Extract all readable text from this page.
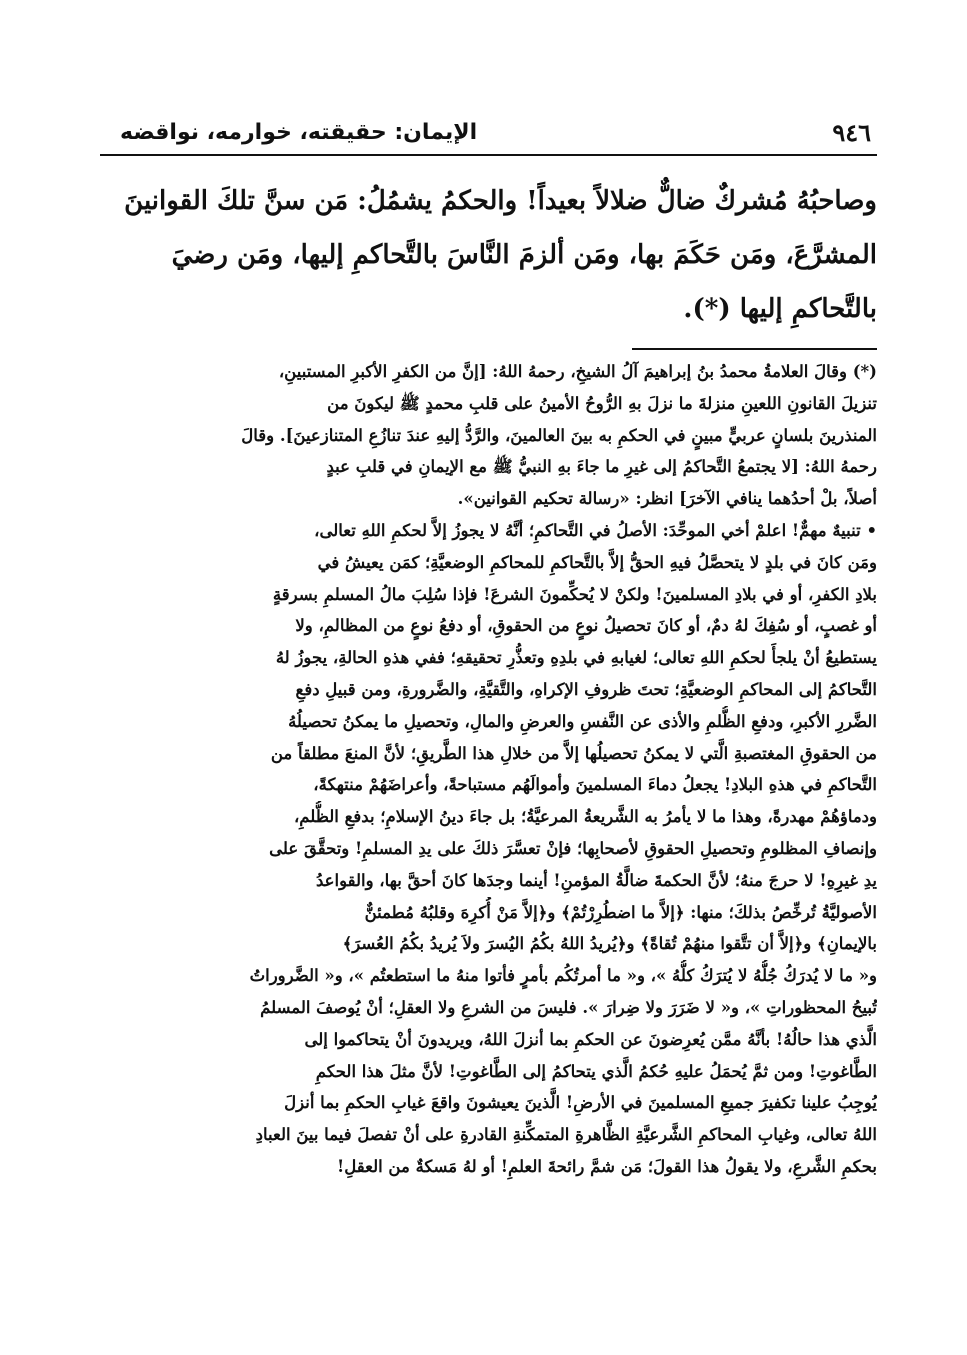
٩٤٦
الإيمان: حقيقته، خوارمه، نواقضه
وصاحبُهُ مُشركٌ ضالٌّ ضلالاً بعيداً! والحكمُ يشمُلُ: مَن سنَّ تلكَ القوانينَ
المشرَّعَ، ومَن حَكَمَ بها، ومَن ألزمَ النَّاسَ بالتَّحاكمِ إليها، ومَن رضيَ
بالتَّحاكمِ إليها (*).
(*) وقالَ العلامةُ محمدُ بنُ إبراهيمَ آلُ الشيخِ، رحمهُ اللهُ: [إنَّ من الكفرِ الأكبرِ المستبينِ،
تنزيلَ القانونِ اللعينِ منزلةَ ما نزلَ بهِ الرُّوحُ الأمينُ على قلبِ محمدٍ ﷺ ليكونَ من
المنذرينَ بلسانٍ عربيٍّ مبينٍ في الحكمِ به بينَ العالمينَ، والرَّدُّ إليهِ عندَ تنازُعِ المتنازعينَ]. وقالَ
رحمهُ اللهُ: [لا يجتمعُ التَّحاكمُ إلى غيرِ ما جاءَ بهِ النبيُّ ﷺ مع الإيمانِ في قلبِ عبدٍ
أصلاً، بلْ أحدُهما ينافي الآخرَ] انظر: «رسالة تحكيم القوانين».
• تنبيهٌ مهمٌّ! اعلمْ أخي الموحِّدَ: الأصلُ في التَّحاكمِ؛ أنَّهُ لا يجوزُ إلاَّ لحكمِ اللهِ تعالى،
ومَن كانَ في بلدٍ لا يتحصَّلُ فيهِ الحقُّ إلاَّ بالتَّحاكمِ للمحاكمِ الوضعيَّةِ؛ كمَن يعيشُ في
بلادِ الكفرِ، أو في بلادِ المسلمينَ! ولكنْ لا يُحكِّمونَ الشرعَ! فإذا سُلِبَ مالُ المسلمِ بسرقةٍ
أو غصبٍ، أو سُفِكَ لهُ دمٌ، أو كانَ تحصيلُ نوعٍ من الحقوقِ، أو دفعُ نوعٍ من المظالمِ، ولا
يستطيعُ أنْ يلجأَ لحكمِ اللهِ تعالى؛ لغيابهِ في بلدِهِ وتعذُّرِ تحقيقهِ؛ ففي هذهِ الحالةِ، يجوزُ لهُ
التَّحاكمُ إلى المحاكمِ الوضعيَّةِ؛ تحتَ ظروفِ الإكراهِ، والتَّقيَّةِ، والضَّرورةِ، ومن قبيلِ دفعِ
الضَّررِ الأكبرِ، ودفعِ الظُّلمِ والأذى عن النَّفسِ والعرضِ والمالِ، وتحصيلِ ما يمكنُ تحصيلُهُ
من الحقوقِ المغتصبةِ الَّتي لا يمكنُ تحصيلُها إلاَّ من خلالِ هذا الطَّريقِ؛ لأنَّ المنعَ مطلقاً من
التَّحاكمِ في هذهِ البلادِ! يجعلُ دماءَ المسلمينَ وأموالَهُم مستباحةً، وأعراضَهُمْ منتهكةً،
ودماؤهُمْ مهدرةً، وهذا ما لا يأمرُ به الشَّريعةُ المرعيَّةُ؛ بل جاءَ دينُ الإسلامِ؛ بدفعِ الظُّلمِ،
وإنصافِ المظلومِ وتحصيلِ الحقوقِ لأصحابِها؛ فإنْ تعسَّرَ ذلكَ على يدِ المسلمِ! وتحقَّقَ على
يدِ غيرِهِ! لا حرجَ منهُ؛ لأنَّ الحكمةَ ضالَّةُ المؤمنِ! أينما وجدَها كانَ أحقَّ بها، والقواعدُ
الأصوليَّةُ تُرخِّصُ بذلكَ؛ منها: ﴿إلاَّ ما اضطُرِرْتُمْ﴾ و﴿إلاَّ مَنْ أُكرِهَ وقلبُهُ مُطمئنٌّ
بالإيمانِ﴾ و﴿إلاَّ أن تتَّقوا منهُمْ تُقاةً﴾ و﴿يُريدُ اللهُ بكُمُ اليُسرَ ولاَ يُريدُ بكُمُ العُسرَ﴾
و« ما لا يُدرَكُ جُلُّهُ لا يُترَكُ كلُّهُ »، و« ما أمرتُكُم بأمرٍ فأتوا منهُ ما استطعتُم »، و« الضَّروراتُ
تُبيحُ المحظوراتِ »، و« لا ضَرَرَ ولا ضِرارَ ». فليسَ من الشرعِ ولا العقلِ؛ أنْ يُوصفَ المسلمُ
الَّذي هذا حالُهُ! بأنَّهُ ممَّن يُعرِضونَ عن الحكمِ بما أنزلَ اللهُ، ويريدونَ أنْ يتحاكموا إلى
الطَّاغوتِ! ومن ثمَّ يُحمَلُ عليهِ حُكمُ الَّذي يتحاكمُ إلى الطَّاغوتِ! لأنَّ مثلَ هذا الحكمِ
يُوجِبُ علينا تكفيرَ جميعِ المسلمينَ في الأرضِ! الَّذينَ يعيشونَ واقعَ غيابِ الحكمِ بما أنزلَ
اللهُ تعالى، وغيابِ المحاكمِ الشَّرعيَّةِ الظَّاهرةِ المتمكِّنةِ القادرةِ على أنْ تفصلَ فيما بينَ العبادِ
بحكمِ الشَّرعِ، ولا يقولُ هذا القولَ؛ مَن شمَّ رائحةَ العلمِ! أو لهُ مَسكةٌ من العقلِ!
